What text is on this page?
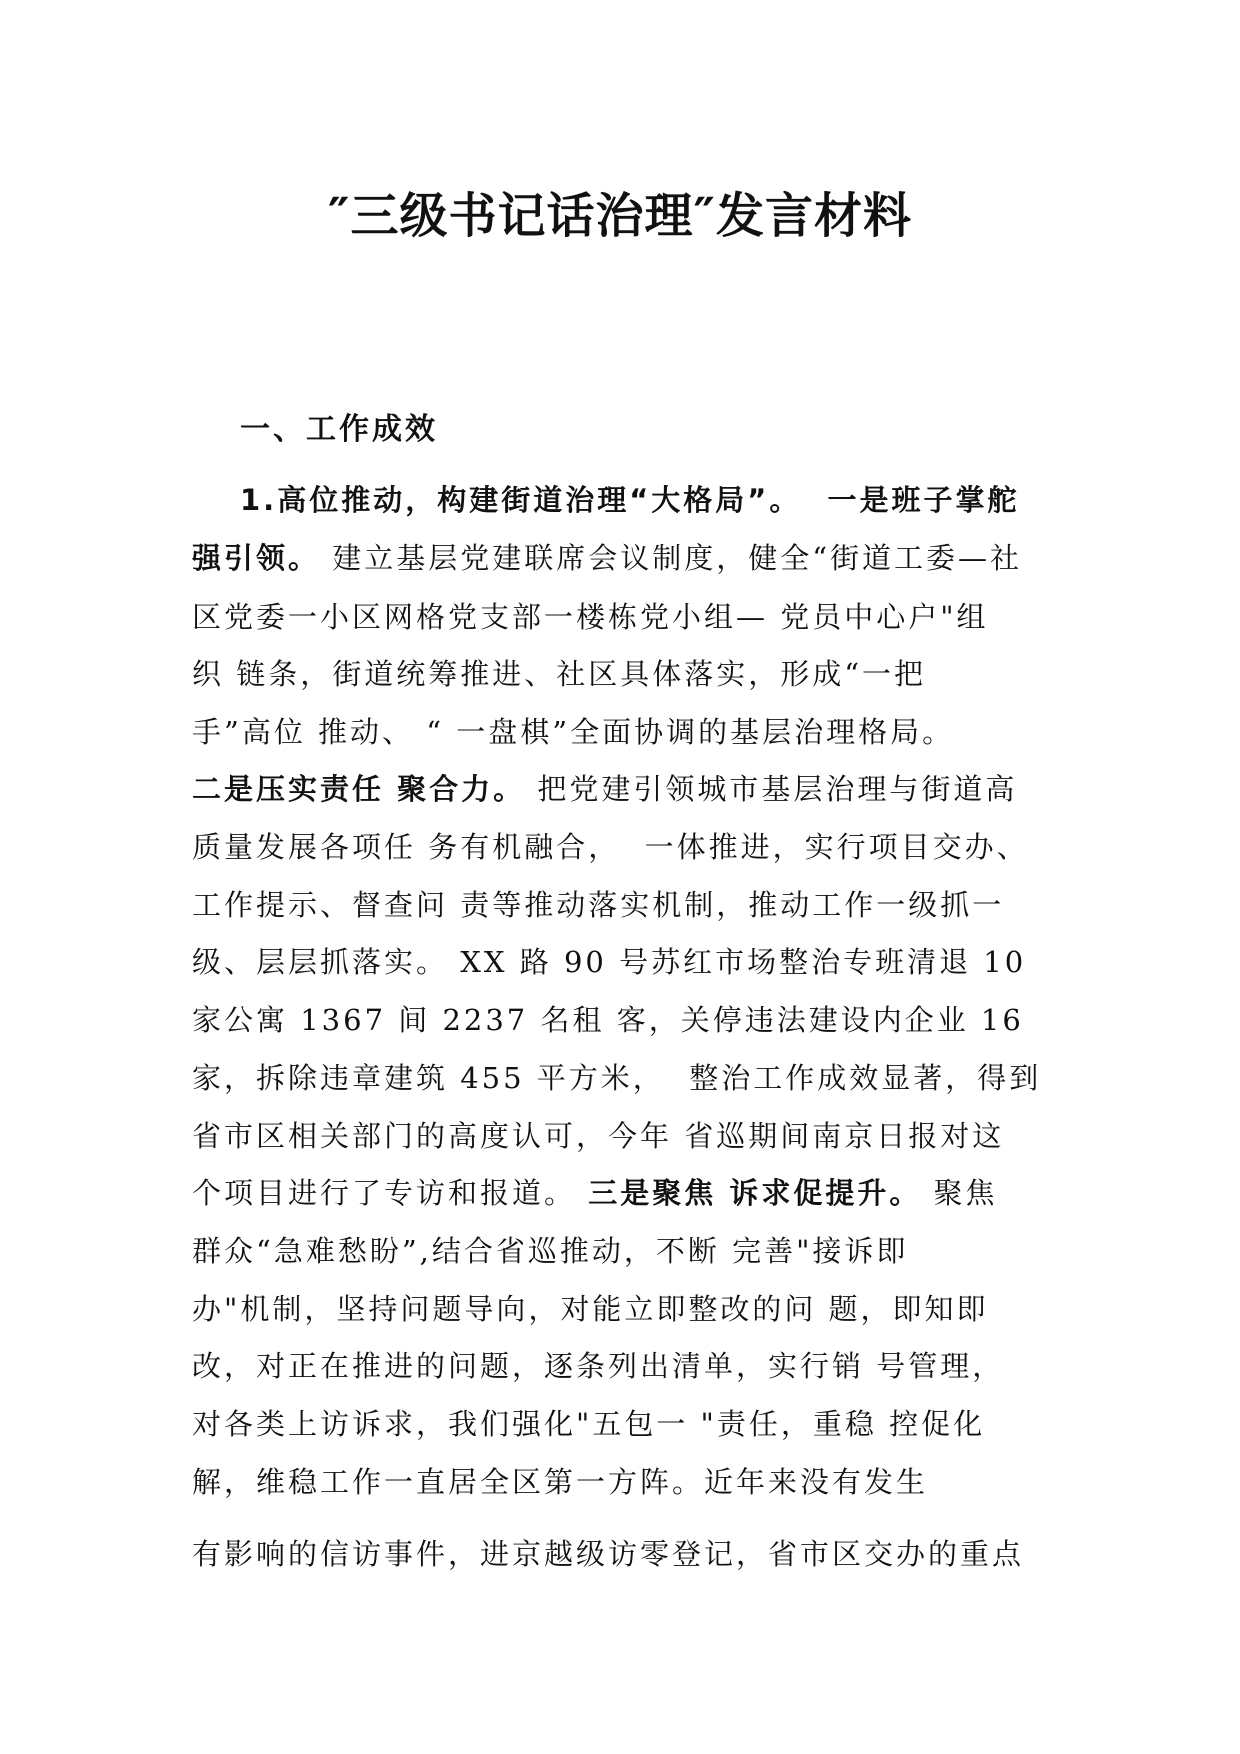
″三级书记话治理″发言材料
一、工作成效
1.高位推动，构建街道治理“大格局”。  一是班子掌舵
强引领。 建立基层党建联席会议制度，健全“街道工委—社
区党委一小区网格党支部一楼栋党小组— 党员中心户"组
织 链条，街道统筹推进、社区具体落实，形成“一把
手”高位 推动、 “ 一盘棋”全面协调的基层治理格局。
二是压实责任 聚合力。 把党建引领城市基层治理与街道高
质量发展各项任 务有机融合，  一体推进，实行项目交办、
工作提示、督查问 责等推动落实机制，推动工作一级抓一
级、层层抓落实。 XX 路 90 号苏红市场整治专班清退 10
家公寓 1367 间 2237 名租 客，关停违法建设内企业 16
家，拆除违章建筑 455 平方米，  整治工作成效显著，得到
省市区相关部门的高度认可，今年 省巡期间南京日报对这
个项目进行了专访和报道。 三是聚焦 诉求促提升。 聚焦
群众“急难愁盼”,结合省巡推动，不断 完善"接诉即
办"机制，坚持问题导向，对能立即整改的问 题，即知即
改，对正在推进的问题，逐条列出清单，实行销 号管理，
对各类上访诉求，我们强化"五包一 "责任，重稳 控促化
解，维稳工作一直居全区第一方阵。近年来没有发生
有影响的信访事件，进京越级访零登记，省市区交办的重点
